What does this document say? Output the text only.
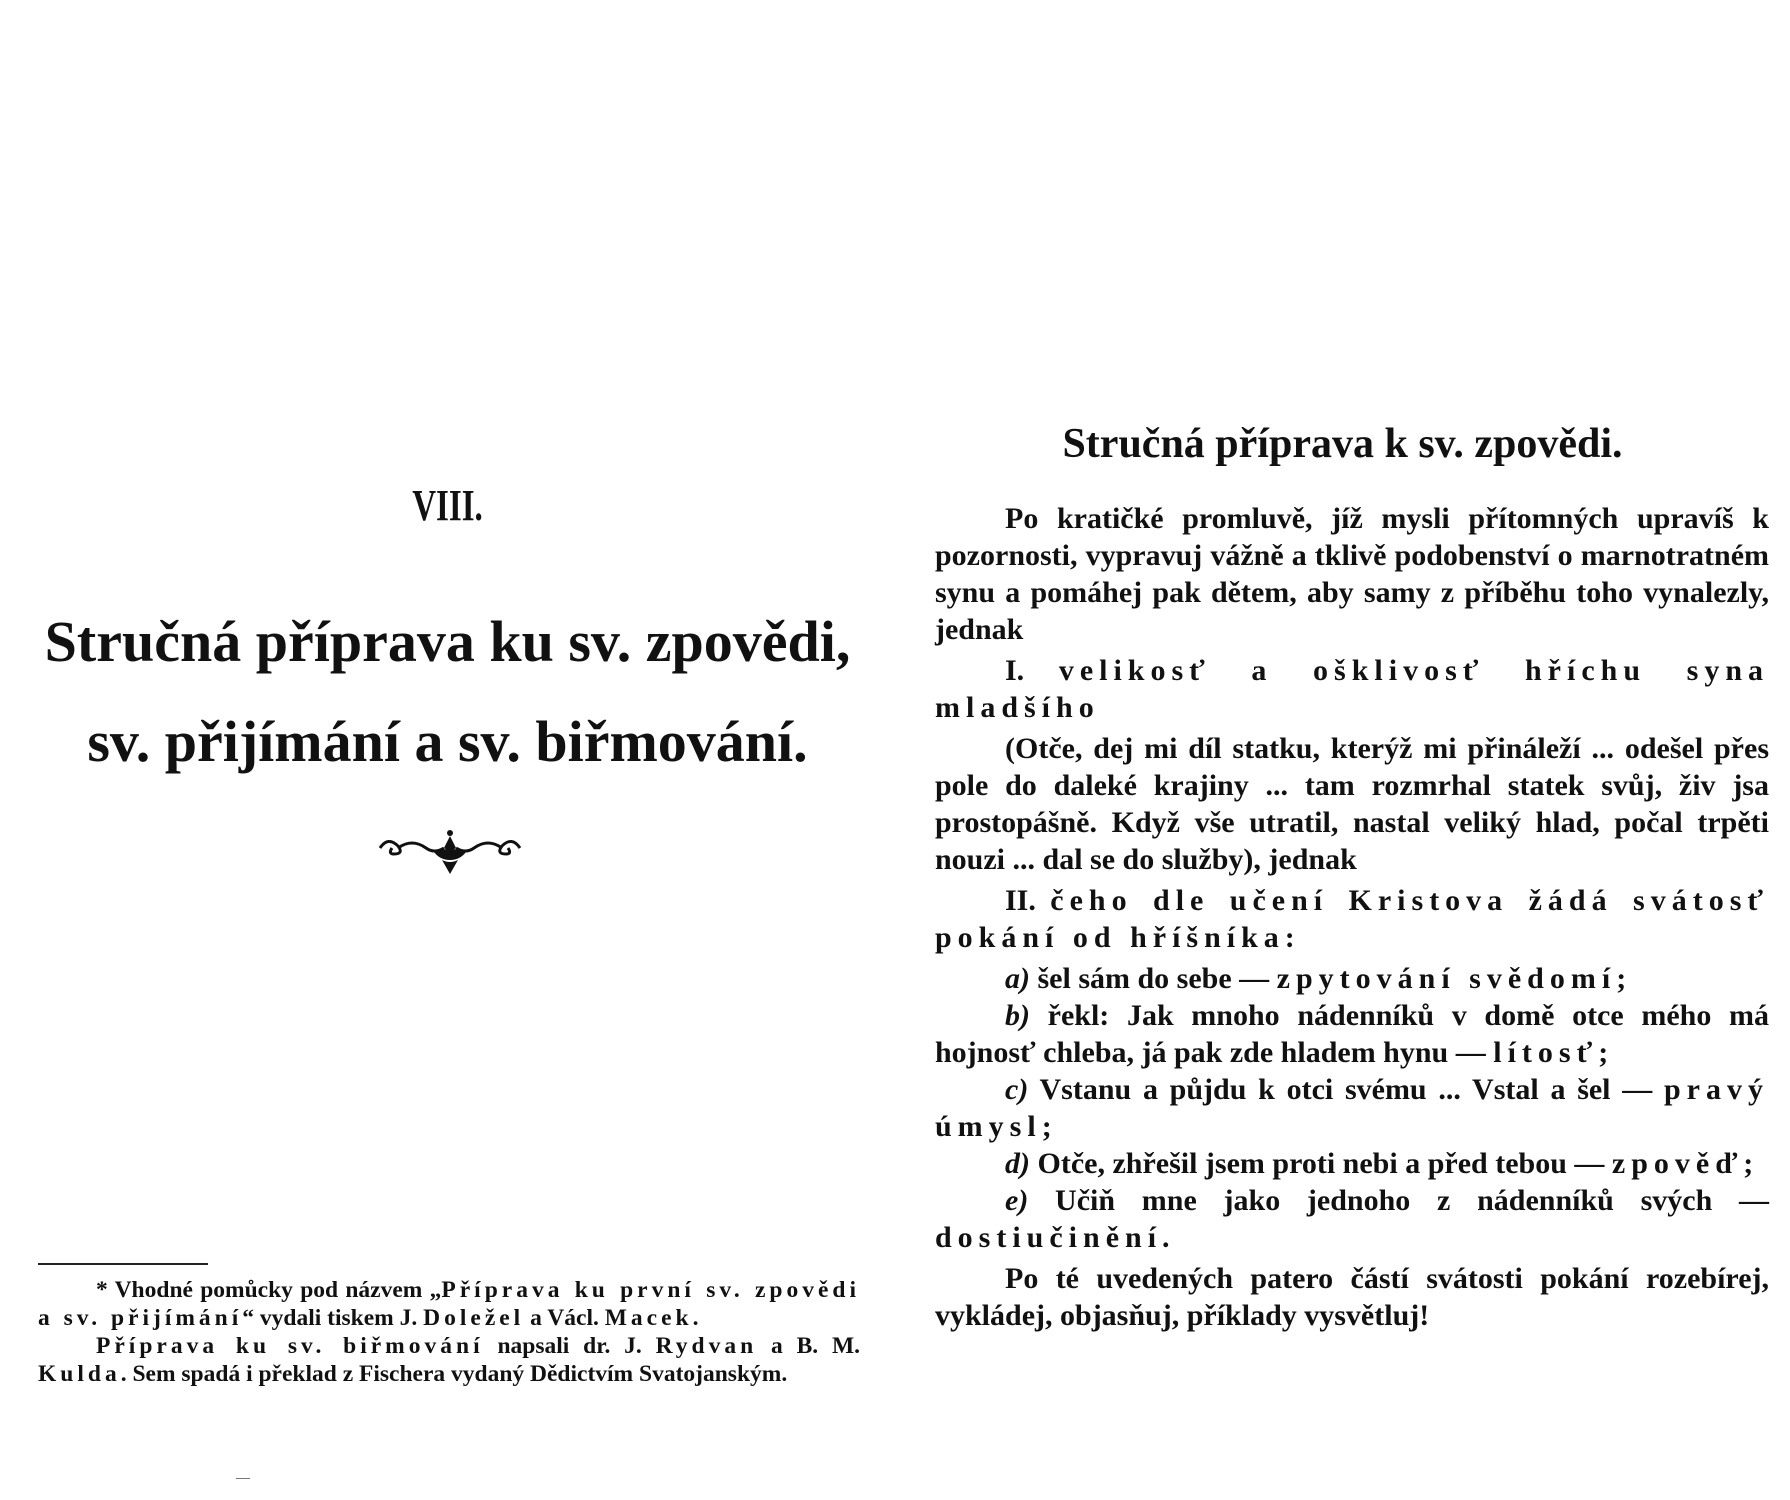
VIII.
Stručná příprava ku sv. zpovědi,
sv. přijímání a sv. biřmování.

* Vhodné pomůcky pod názvem „Příprava ku první sv. zpovědi a sv. přijímání“ vydali tiskem J. Doležel a Václ. Macek.

Příprava ku sv. biřmování napsali dr. J. Rydvan a B. M. Kulda. Sem spadá i překlad z Fischera vydaný Dědictvím Svatojanským.

Stručná příprava k sv. zpovědi.

Po kratičké promluvě, jíž mysli přítomných upravíš k pozornosti, vypravuj vážně a tklivě podobenství o marnotratném synu a pomáhej pak dětem, aby samy z příběhu toho vynalezly, jednak

I. velikosť a ošklivosť hříchu syna mladšího

(Otče, dej mi díl statku, kterýž mi přináleží ... odešel přes pole do daleké krajiny ... tam rozmrhal statek svůj, živ jsa prostopášně. Když vše utratil, nastal veliký hlad, počal trpěti nouzi ... dal se do služby), jednak

II. čeho dle učení Kristova žádá svátosť pokání od hříšníka:

a) šel sám do sebe — zpytování svědomí;

b) řekl: Jak mnoho nádenníků v domě otce mého má hojnosť chleba, já pak zde hladem hynu — lítosť;

c) Vstanu a půjdu k otci svému ... Vstal a šel — pravý úmysl;

d) Otče, zhřešil jsem proti nebi a před tebou — zpověď;

e) Učiň mne jako jednoho z nádenníků svých — dostiučinění.

Po té uvedených patero částí svátosti pokání rozebírej, vykládej, objasňuj, příklady vysvětluj!
